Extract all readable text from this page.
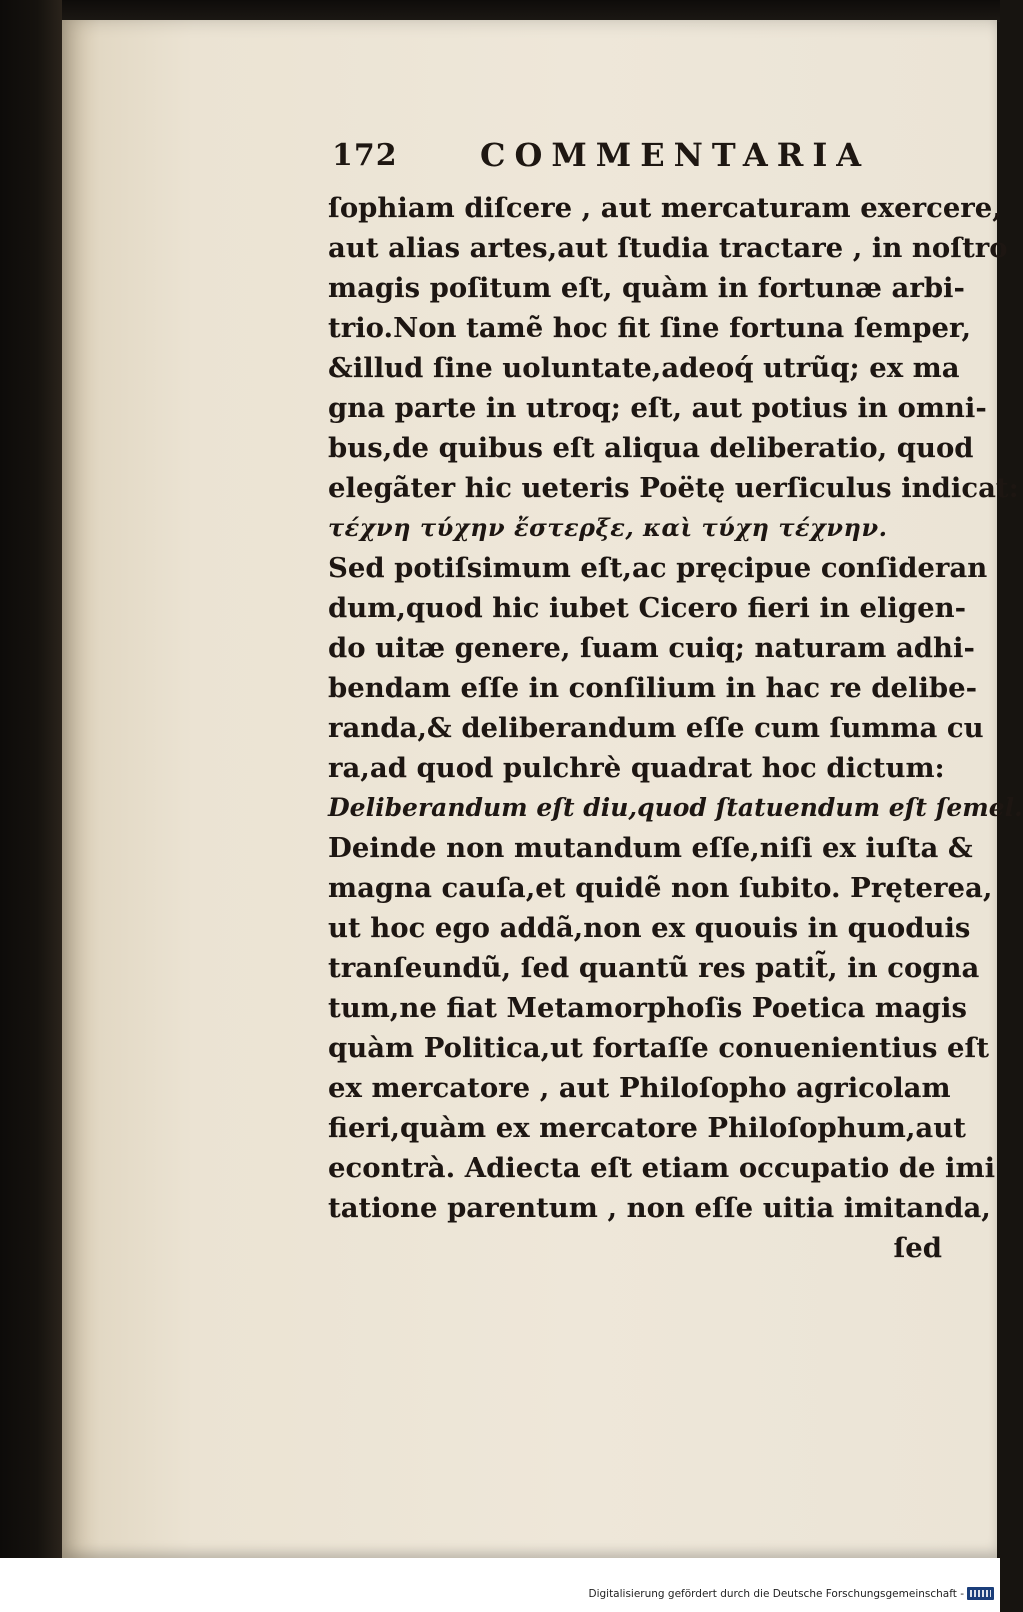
172	COMMENTARIA
ſophiam diſcere , aut mercaturam exercere,
aut alias artes,aut ſtudia tractare , in noſtro
magis poſitum eſt, quàm in fortunæ arbi-
trio.Non tamẽ hoc fit ſine fortuna ſemper,
&illud ſine uoluntate,adeoq́ utrũq; ex ma
gna parte in utroq; eſt, aut potius in omni-
bus,de quibus eſt aliqua deliberatio, quod
elegãter hic ueteris Poëtę uerſiculus indicat:
τέχνη τύχην ἔστερξε, καὶ τύχη τέχνην.
Sed potiſsimum eſt,ac pręcipue conſideran
dum,quod hic iubet Cicero fieri in eligen-
do uitæ genere, ſuam cuiq; naturam adhi-
bendam eſſe in conſilium in hac re delibe-
randa,& deliberandum eſſe cum ſumma cu
ra,ad quod pulchrè quadrat hoc dictum:
Deliberandum eſt diu,quod ſtatuendum eſt ſemel.
Deinde non mutandum eſſe,niſi ex iuſta &
magna cauſa,et quidẽ non ſubito. Pręterea,
ut hoc ego addã,non ex quouis in quoduis
tranſeundũ, ſed quantũ res patit̃, in cogna
tum,ne fiat Metamorphoſis Poetica magis
quàm Politica,ut fortaſſe conuenientius eſt
ex mercatore , aut Philoſopho agricolam
fieri,quàm ex mercatore Philoſophum,aut
econtrà. Adiecta eſt etiam occupatio de imi
tatione parentum , non eſſe uitia imitanda,
ſed
Digitalisierung gefördert durch die Deutsche Forschungsgemeinschaft -
